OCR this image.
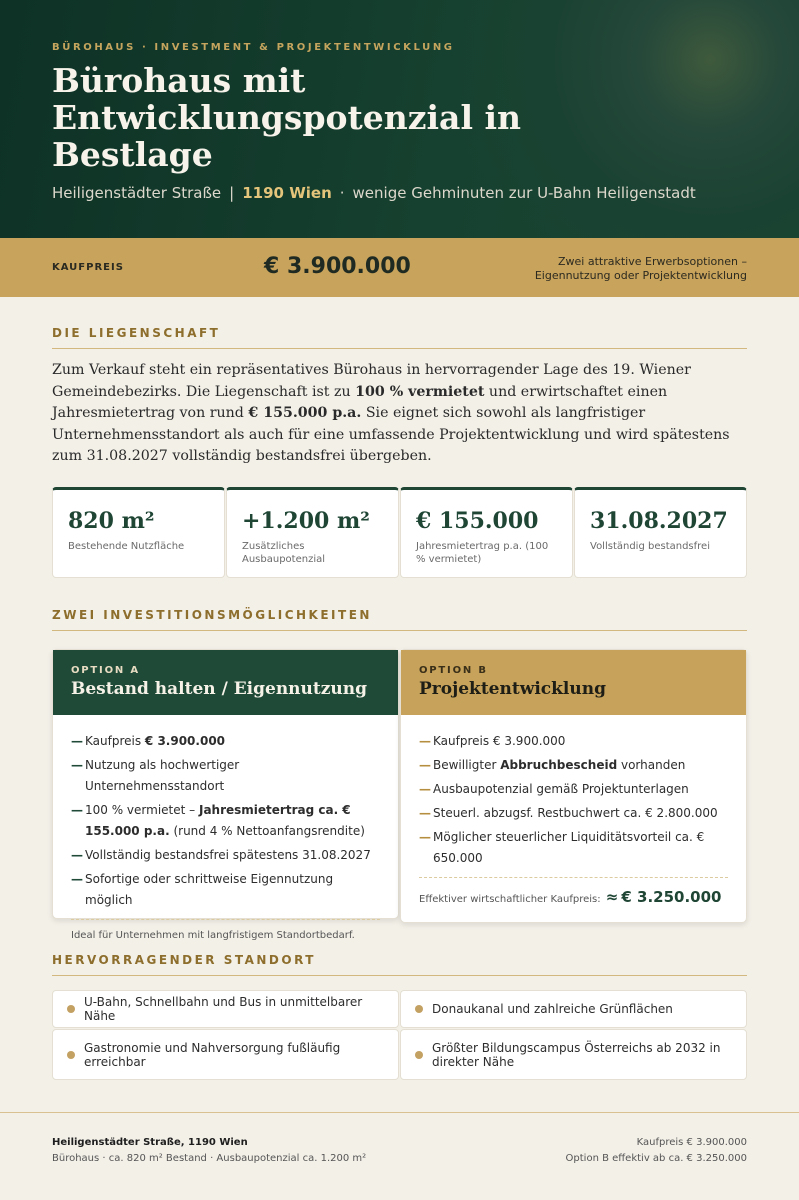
BÜROHAUS · INVESTMENT & PROJEKTENTWICKLUNG
Bürohaus mit Entwicklungspotenzial in Bestlage
Heiligenstädter Straße | 1190 Wien · wenige Gehminuten zur U-Bahn Heiligenstadt
KAUFPREIS	€ 3.900.000	Zwei attraktive Erwerbsoptionen –
Eigennutzung oder Projektentwicklung
DIE LIEGENSCHAFT

Zum Verkauf steht ein repräsentatives Bürohaus in hervorragender Lage des 19. Wiener Gemeindebezirks. Die Liegenschaft ist zu 100 % vermietet und erwirtschaftet einen Jahresmietertrag von rund € 155.000 p.a. Sie eignet sich sowohl als langfristiger Unternehmensstandort als auch für eine umfassende Projektentwicklung und wird spätestens zum 31.08.2027 vollständig bestandsfrei übergeben.

820 m²
Bestehende Nutzfläche
+1.200 m²
Zusätzliches Ausbaupotenzial
€ 155.000
Jahresmietertrag p.a. (100 % vermietet)
31.08.2027
Vollständig bestandsfrei
ZWEI INVESTITIONSMÖGLICHKEITEN
OPTION A
Bestand halten / Eigennutzung
— Kaufpreis € 3.900.000
— Nutzung als hochwertiger Unternehmensstandort
— 100 % vermietet – Jahresmietertrag ca. € 155.000 p.a. (rund 4 % Nettoanfangsrendite)
— Vollständig bestandsfrei spätestens 31.08.2027
— Sofortige oder schrittweise Eigennutzung möglich
Ideal für Unternehmen mit langfristigem Standortbedarf.
OPTION B
Projektentwicklung
— Kaufpreis € 3.900.000
— Bewilligter Abbruchbescheid vorhanden
— Ausbaupotenzial gemäß Projektunterlagen
— Steuerl. abzugsf. Restbuchwert ca. € 2.800.000
— Möglicher steuerlicher Liquiditätsvorteil ca. € 650.000
Effektiver wirtschaftlicher Kaufpreis: ≈ € 3.250.000
HERVORRAGENDER STANDORT
U-Bahn, Schnellbahn und Bus in unmittelbarer Nähe	Donaukanal und zahlreiche Grünflächen
Gastronomie und Nahversorgung fußläufig erreichbar
Größter Bildungscampus Österreichs ab 2032 in direkter Nähe
Heiligenstädter Straße, 1190 Wien
Bürohaus · ca. 820 m² Bestand · Ausbaupotenzial ca. 1.200 m²
Kaufpreis € 3.900.000
Option B effektiv ab ca. € 3.250.000
